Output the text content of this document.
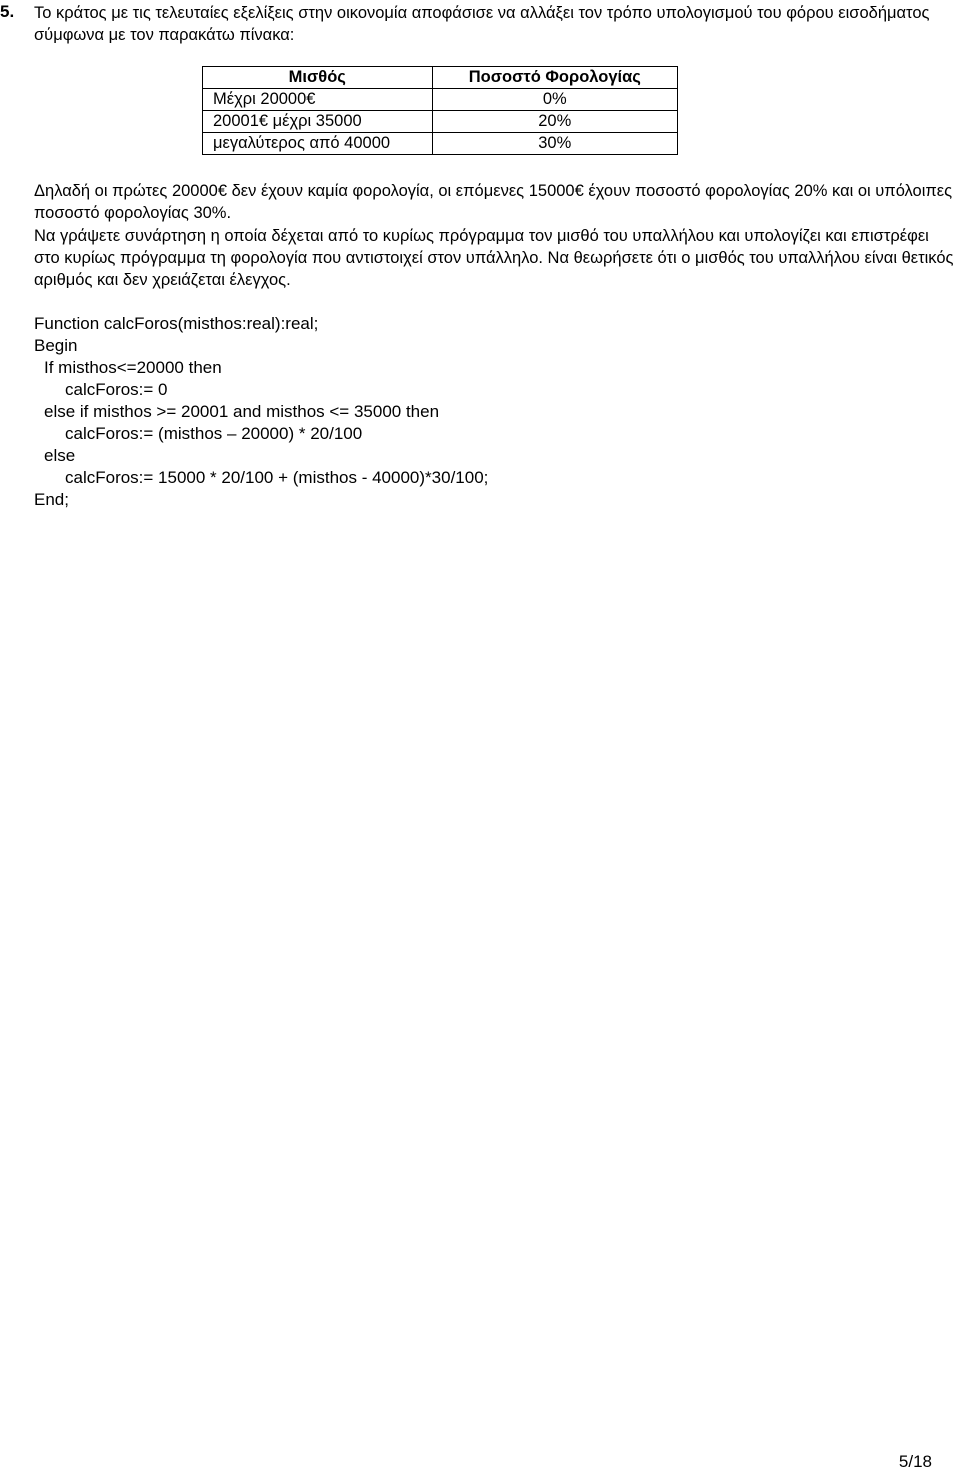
5. Το κράτος με τις τελευταίες εξελίξεις στην οικονομία αποφάσισε να αλλάξει τον τρόπο υπολογισμού του φόρου εισοδήματος σύμφωνα με τον παρακάτω πίνακα:

Μισθός	Ποσοστό Φορολογίας
Μέχρι 20000€	0%
20001€ μέχρι 35000	20%
μεγαλύτερος από 40000	30%

Δηλαδή οι πρώτες 20000€ δεν έχουν καμία φορολογία, οι επόμενες 15000€ έχουν ποσοστό φορολογίας 20% και οι υπόλοιπες ποσοστό φορολογίας 30%.

Να γράψετε συνάρτηση η οποία δέχεται από το κυρίως πρόγραμμα τον μισθό του υπαλλήλου και υπολογίζει και επιστρέφει στο κυρίως πρόγραμμα τη φορολογία που αντιστοιχεί στον υπάλληλο. Να θεωρήσετε ότι ο μισθός του υπαλλήλου είναι θετικός αριθμός και δεν χρειάζεται έλεγχος.

Function calcForos(misthos:real):real;
Begin
If misthos<=20000 then
calcForos:= 0
else if misthos >= 20001 and misthos <= 35000 then
calcForos:= (misthos – 20000) * 20/100
else
calcForos:= 15000 * 20/100 + (misthos - 40000)*30/100;
End;
5/18
